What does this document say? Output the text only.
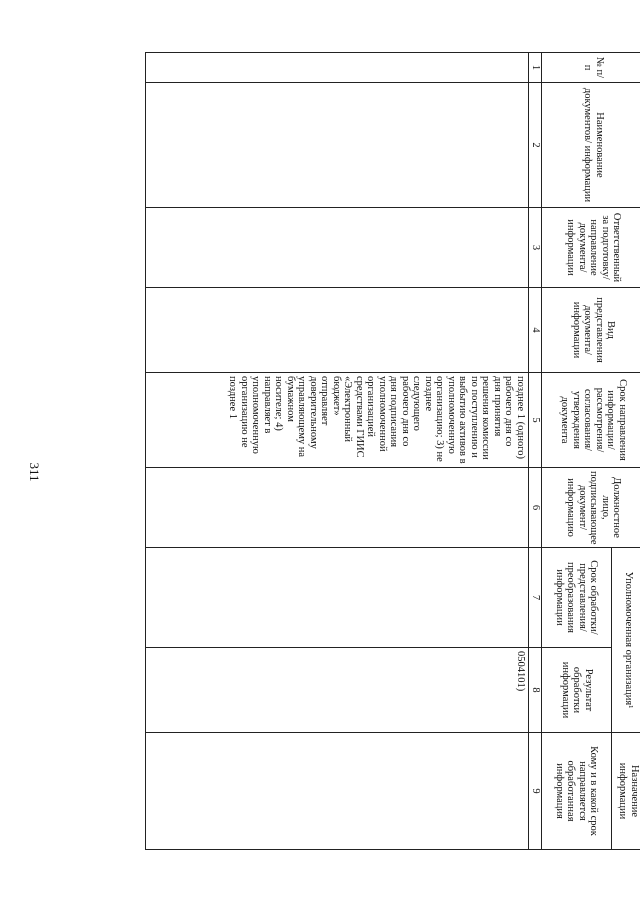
311
№ п/п	Наименование документов/ информации	Ответственный за подготовку/ направление документа/ информации	Вид представления документа/ информации	Срок направления информации/ рассмотрения/ согласования/ утверждения документа	Должностное лицо, подписывающее документ/ информацию	Уполномоченная организация¹		Назначение информации
						Срок обработки/ представления/ преобразования информации	Результат обработки информации	Кому и в какой срок направляется обработанная информация
1	2	3	4	5	6	7	8	9
				позднее 1 (одного) рабочего дня со дня принятия решения комиссии по поступлению и выбытию активов в уполномоченную организацию; 3) не позднее следующего рабочего дня со дня подписания уполномоченной организацией средствами ГИИС «Электронный бюджет» отправляет доверительному управляющему на бумажном носителе; 4) направляет в уполномоченную организацию не позднее 1			0504101)	
